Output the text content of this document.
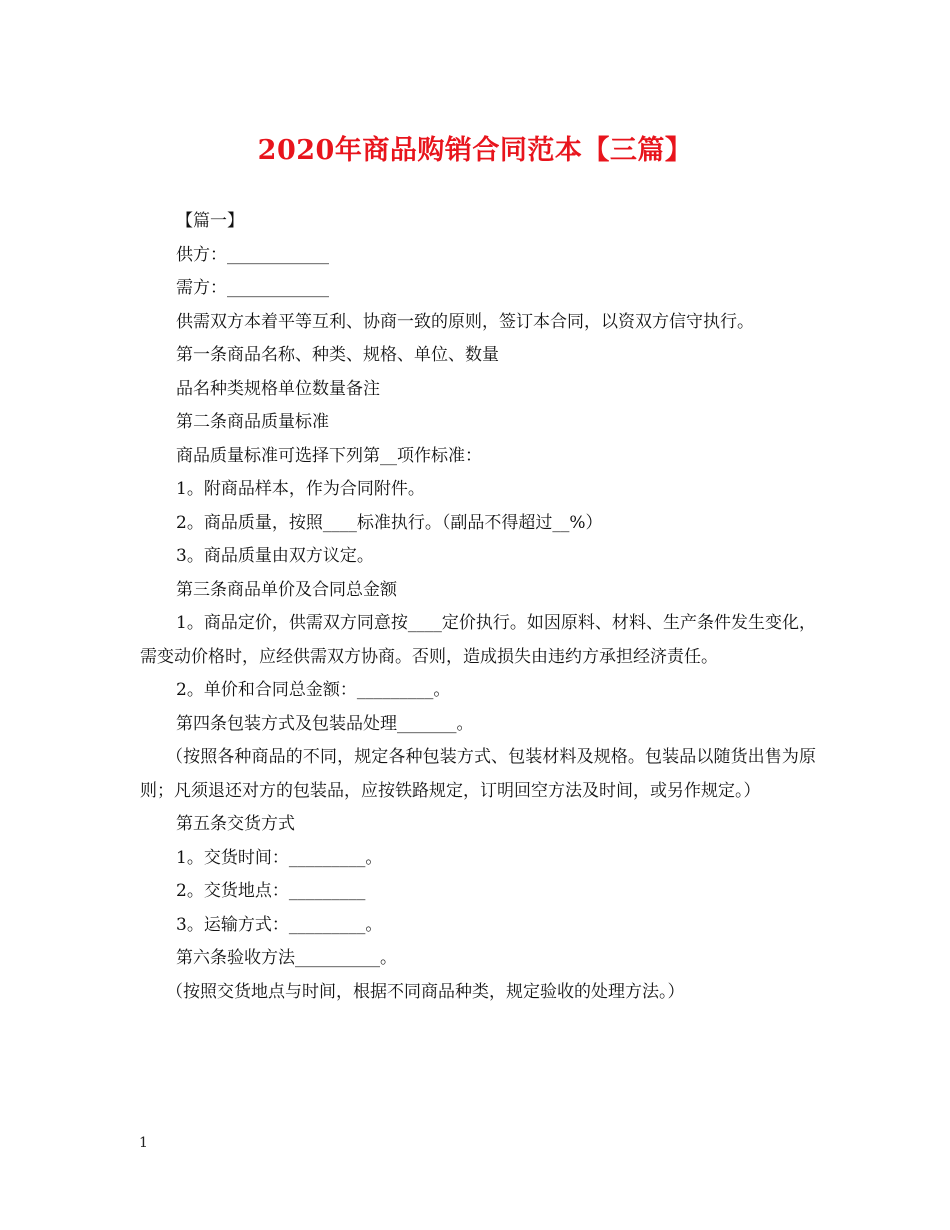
2020年商品购销合同范本【三篇】

【篇一】

供方：____________

需方：____________

供需双方本着平等互利、协商一致的原则，签订本合同，以资双方信守执行。

第一条商品名称、种类、规格、单位、数量

品名种类规格单位数量备注

第二条商品质量标准

商品质量标准可选择下列第__项作标准：

1。附商品样本，作为合同附件。

2。商品质量，按照____标准执行。（副品不得超过__%）

3。商品质量由双方议定。

第三条商品单价及合同总金额

1。商品定价，供需双方同意按____定价执行。如因原料、材料、生产条件发生变化，需变动价格时，应经供需双方协商。否则，造成损失由违约方承担经济责任。

2。单价和合同总金额：_________。

第四条包装方式及包装品处理_______。

（按照各种商品的不同，规定各种包装方式、包装材料及规格。包装品以随货出售为原则；凡须退还对方的包装品，应按铁路规定，订明回空方法及时间，或另作规定。）

第五条交货方式

1。交货时间：_________。

2。交货地点：_________

3。运输方式：_________。

第六条验收方法__________。

（按照交货地点与时间，根据不同商品种类，规定验收的处理方法。）

1
